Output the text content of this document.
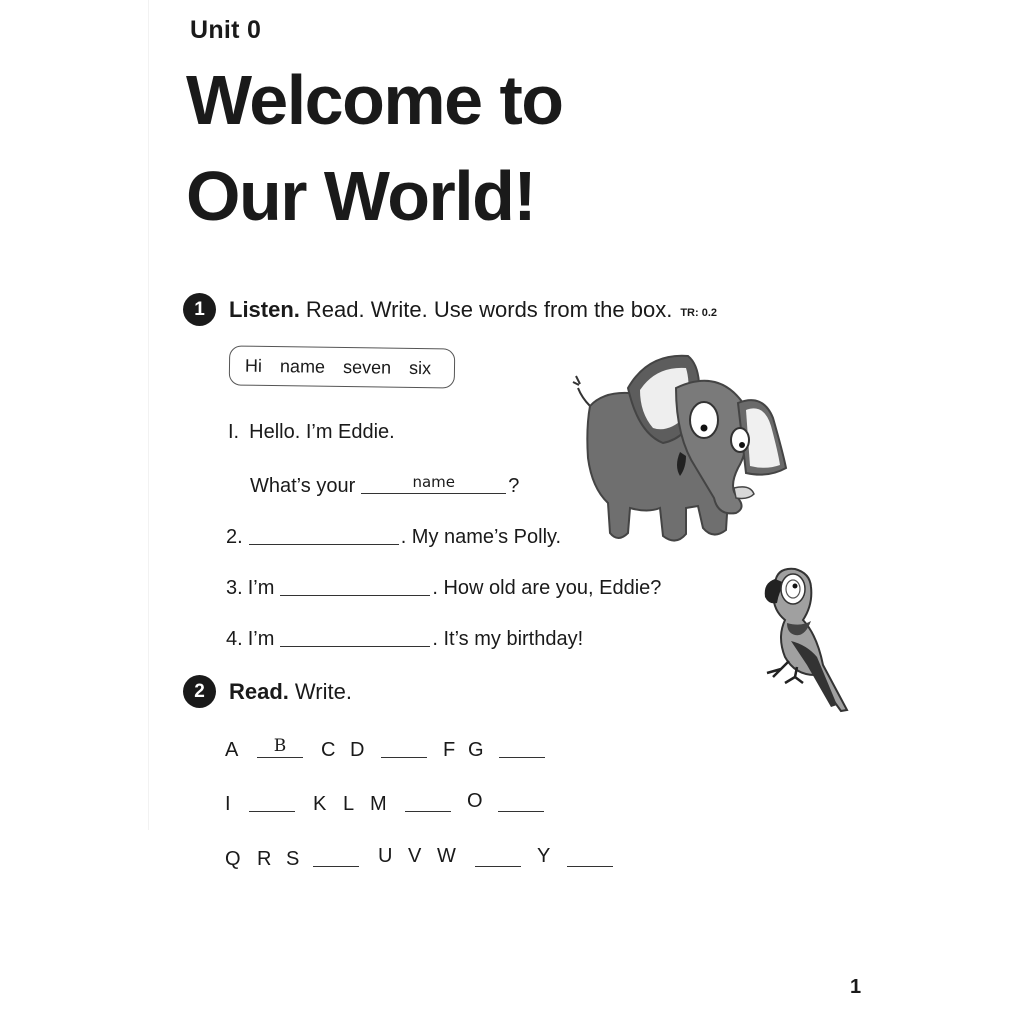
Unit 0
Welcome to
Our World!
1	Listen. Read. Write. Use words from the box. TR: 0.2
Hi name seven six
I. Hello. I’m Eddie.
What’s your	name	?
2.	. My name’s Polly.
3. I’m	. How old are you, Eddie?
4. I’m	. It’s my birthday!
2	Read. Write.
A	B	C D	F G
I	K L M	O
Q R S	U V W	Y
1
